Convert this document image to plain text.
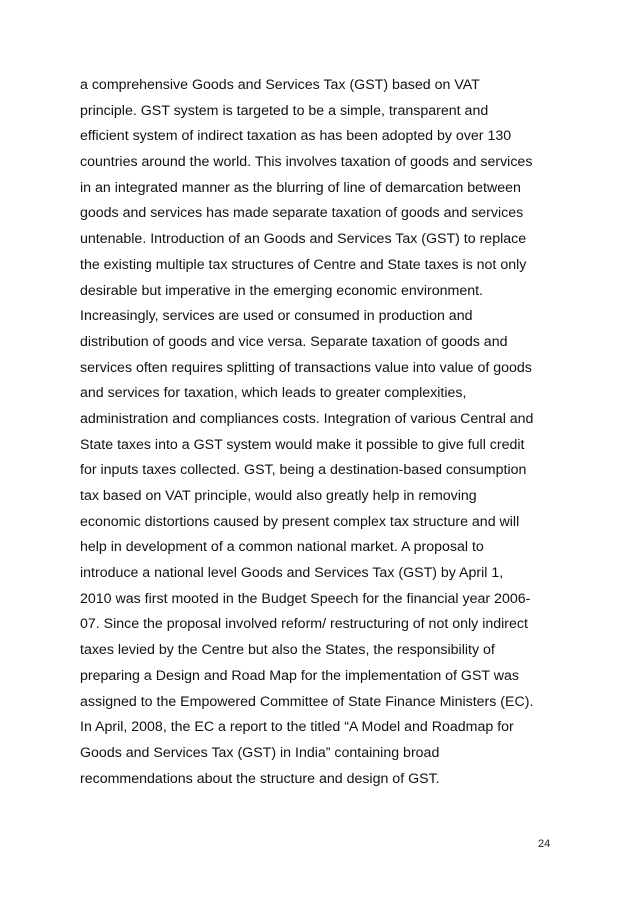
a comprehensive Goods and Services Tax (GST) based on VAT
principle. GST system is targeted to be a simple, transparent and
efficient system of indirect taxation as has been adopted by over 130
countries around the world. This involves taxation of goods and services
in an integrated manner as the blurring of line of demarcation between
goods and services has made separate taxation of goods and services
untenable. Introduction of an Goods and Services Tax (GST) to replace
the existing multiple tax structures of Centre and State taxes is not only
desirable but imperative in the emerging economic environment.
Increasingly, services are used or consumed in production and
distribution of goods and vice versa. Separate taxation of goods and
services often requires splitting of transactions value into value of goods
and services for taxation, which leads to greater complexities,
administration and compliances costs. Integration of various Central and
State taxes into a GST system would make it possible to give full credit
for inputs taxes collected. GST, being a destination-based consumption
tax based on VAT principle, would also greatly help in removing
economic distortions caused by present complex tax structure and will
help in development of a common national market. A proposal to
introduce a national level Goods and Services Tax (GST) by April 1,
2010 was first mooted in the Budget Speech for the financial year 2006-
07. Since the proposal involved reform/ restructuring of not only indirect
taxes levied by the Centre but also the States, the responsibility of
preparing a Design and Road Map for the implementation of GST was
assigned to the Empowered Committee of State Finance Ministers (EC).
In April, 2008, the EC a report to the titled “A Model and Roadmap for
Goods and Services Tax (GST) in India” containing broad
recommendations about the structure and design of GST.

24
